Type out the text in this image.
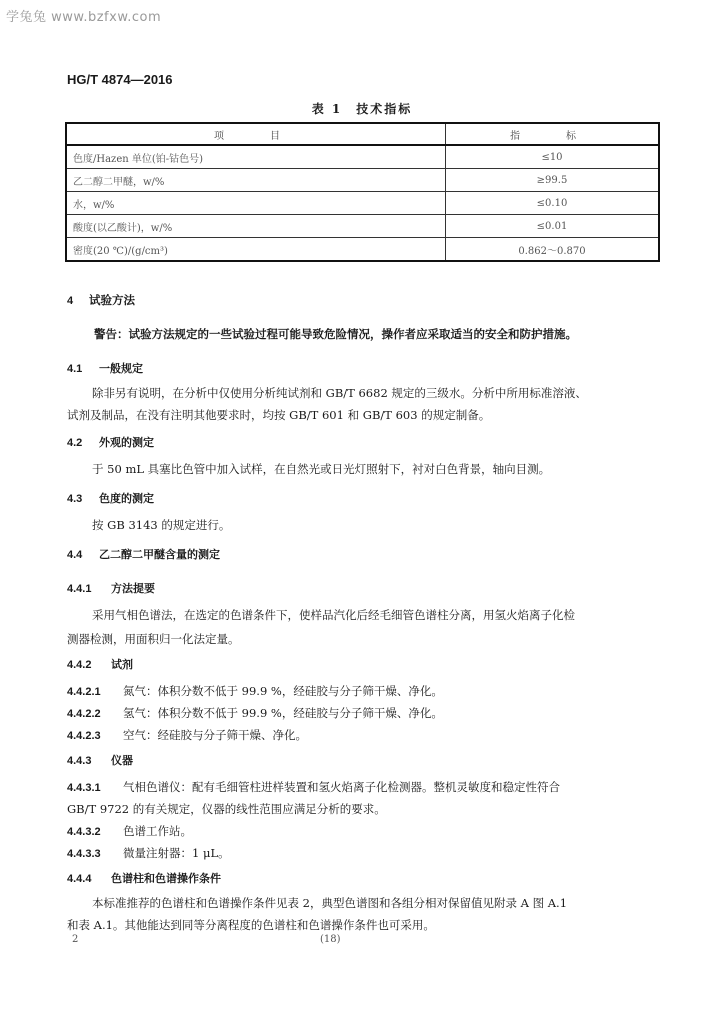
学兔兔 www.bzfxw.com
HG/T 4874—2016
表 1　技术指标
项　目	指　标
色度/Hazen 单位(铂-钴色号)	≤10
乙二醇二甲醚，w/%	≥99.5
水，w/%	≤0.10
酸度(以乙酸计)，w/%	≤0.01
密度(20 ℃)/(g/cm³)	0.862～0.870
4 试验方法
警告：试验方法规定的一些试验过程可能导致危险情况，操作者应采取适当的安全和防护措施。
4.1 一般规定
除非另有说明，在分析中仅使用分析纯试剂和 GB/T 6682 规定的三级水。分析中所用标准溶液、
试剂及制品，在没有注明其他要求时，均按 GB/T 601 和 GB/T 603 的规定制备。
4.2 外观的测定
于 50 mL 具塞比色管中加入试样，在自然光或日光灯照射下，衬对白色背景，轴向目测。
4.3 色度的测定
按 GB 3143 的规定进行。
4.4 乙二醇二甲醚含量的测定
4.4.1 方法提要
采用气相色谱法，在选定的色谱条件下，使样品汽化后经毛细管色谱柱分离，用氢火焰离子化检
测器检测，用面积归一化法定量。
4.4.2 试剂
4.4.2.1 氮气：体积分数不低于 99.9 %，经硅胶与分子筛干燥、净化。
4.4.2.2 氢气：体积分数不低于 99.9 %，经硅胶与分子筛干燥、净化。
4.4.2.3 空气：经硅胶与分子筛干燥、净化。
4.4.3 仪器
4.4.3.1 气相色谱仪：配有毛细管柱进样装置和氢火焰离子化检测器。整机灵敏度和稳定性符合
GB/T 9722 的有关规定，仪器的线性范围应满足分析的要求。
4.4.3.2 色谱工作站。
4.4.3.3 微量注射器：1 μL。
4.4.4 色谱柱和色谱操作条件
本标准推荐的色谱柱和色谱操作条件见表 2，典型色谱图和各组分相对保留值见附录 A 图 A.1
和表 A.1。其他能达到同等分离程度的色谱柱和色谱操作条件也可采用。
2	(18)
